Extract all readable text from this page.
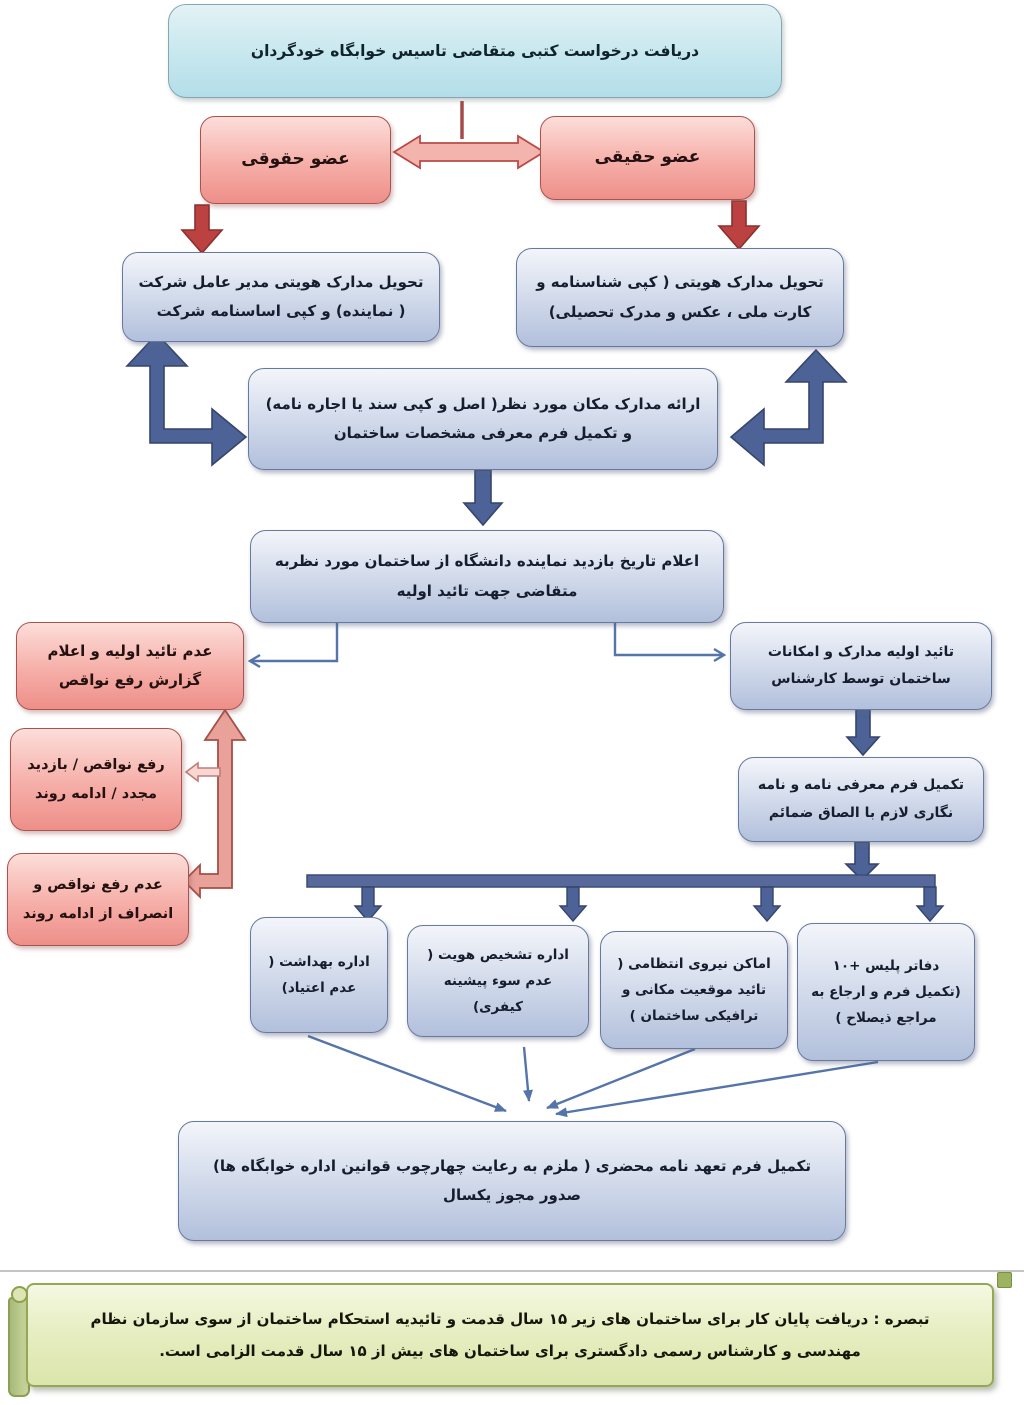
دریافت درخواست کتبی متقاضی تاسیس خوابگاه خودگردان
عضو حقوقی	عضو حقیقی
تحویل مدارک هویتی مدیر عامل شرکت ( نماینده) و کپی اساسنامه شرکت
تحویل مدارک هویتی ( کپی شناسنامه و کارت ملی ، عکس و مدرک تحصیلی)
ارائه مدارک مکان مورد نظر( اصل و کپی سند یا اجاره نامه) و تکمیل فرم معرفی مشخصات ساختمان
اعلام تاریخ بازدید نماینده دانشگاه از ساختمان مورد نظربه متقاضی جهت تائید اولیه
عدم تائید اولیه و اعلام گزارش رفع نواقص
رفع نواقص / بازدید مجدد / ادامه روند
عدم رفع نواقص و انصراف از ادامه روند
تائید اولیه مدارک و امکانات ساختمان توسط کارشناس
تکمیل فرم معرفی نامه و نامه نگاری لازم با الصاق ضمائم
اداره بهداشت ( عدم اعتیاد)
اداره تشخیص هویت ( عدم سوء پیشینه کیفری)
اماکن نیروی انتظامی ( تائید موقعیت مکانی و ترافیکی ساختمان )
دفاتر پلیس +۱۰ (تکمیل فرم و ارجاع به مراجع ذیصلاح )
تکمیل فرم تعهد نامه محضری ( ملزم به رعایت چهارچوب قوانین اداره خوابگاه ها) صدور مجوز یکسال
تبصره : دریافت پایان کار برای ساختمان های زیر ۱۵ سال قدمت و تائیدیه استحکام ساختمان از سوی سازمان نظام مهندسی و کارشناس رسمی دادگستری برای ساختمان های بیش از ۱۵ سال قدمت الزامی است.
